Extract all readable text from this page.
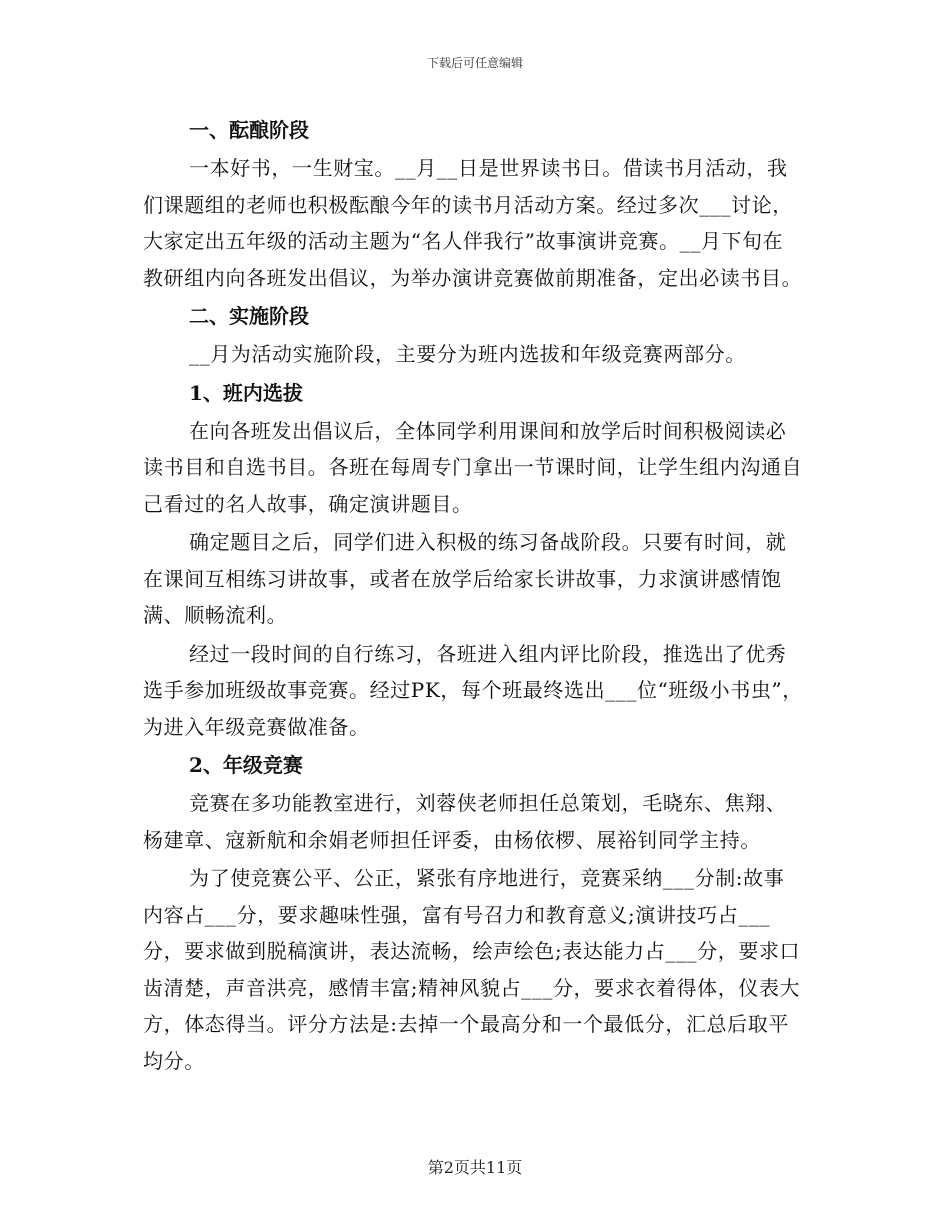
下载后可任意编辑
一、酝酿阶段

一本好书，一生财宝。__月__日是世界读书日。借读书月活动，我们课题组的老师也积极酝酿今年的读书月活动方案。经过多次___讨论，大家定出五年级的活动主题为“名人伴我行”故事演讲竞赛。__月下旬在教研组内向各班发出倡议，为举办演讲竞赛做前期准备，定出必读书目。

二、实施阶段

__月为活动实施阶段，主要分为班内选拔和年级竞赛两部分。

1、班内选拔

在向各班发出倡议后，全体同学利用课间和放学后时间积极阅读必读书目和自选书目。各班在每周专门拿出一节课时间，让学生组内沟通自己看过的名人故事，确定演讲题目。

确定题目之后，同学们进入积极的练习备战阶段。只要有时间，就在课间互相练习讲故事，或者在放学后给家长讲故事，力求演讲感情饱满、顺畅流利。

经过一段时间的自行练习，各班进入组内评比阶段，推选出了优秀选手参加班级故事竞赛。经过PK，每个班最终选出___位“班级小书虫”，为进入年级竞赛做准备。

2、年级竞赛

竞赛在多功能教室进行，刘蓉侠老师担任总策划，毛晓东、焦翔、杨建章、寇新航和余娟老师担任评委，由杨依椤、展裕钊同学主持。

为了使竞赛公平、公正，紧张有序地进行，竞赛采纳___分制:故事内容占___分，要求趣味性强，富有号召力和教育意义;演讲技巧占___分，要求做到脱稿演讲，表达流畅，绘声绘色;表达能力占___分，要求口齿清楚，声音洪亮，感情丰富;精神风貌占___分，要求衣着得体，仪表大方，体态得当。评分方法是:去掉一个最高分和一个最低分，汇总后取平均分。

第2页共11页
